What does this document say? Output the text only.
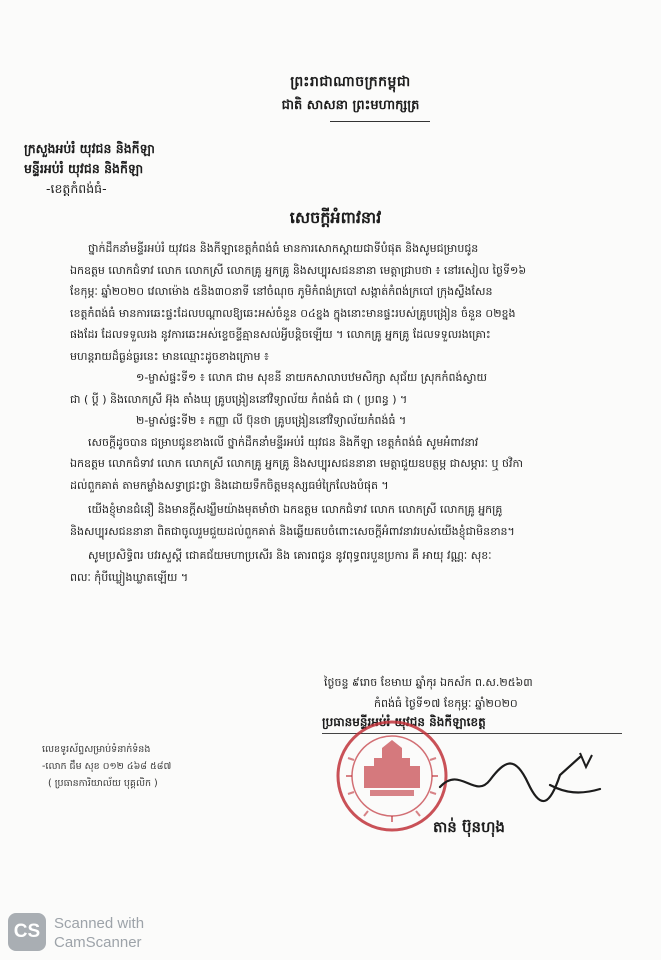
ព្រះរាជាណាចក្រកម្ពុជា
ជាតិ សាសនា ព្រះមហាក្សត្រ
ក្រសួងអប់រំ យុវជន និងកីឡា
មន្ទីរអប់រំ យុវជន និងកីឡា
-ខេត្តកំពង់ធំ-
សេចក្តីអំពាវនាវ

ថ្នាក់ដឹកនាំមន្ទីរអប់រំ យុវជន និងកីឡាខេត្តកំពង់ធំ មានការសោកស្តាយជាទីបំផុត និងសូមជម្រាបជូន

ឯកឧត្តម លោកជំទាវ លោក លោកស្រី លោកគ្រូ អ្នកគ្រូ និងសប្បុរសជននានា មេត្តាជ្រាបថា ៖ នៅរសៀល ថ្ងៃទី១៦

ខែកុម្ភៈ ឆ្នាំ២០២០ វេលាម៉ោង ៥និង៣០នាទី នៅចំណុច ភូមិកំពង់ក្របៅ សង្កាត់កំពង់ក្របៅ ក្រុងស្ទឹងសែន

ខេត្តកំពង់ធំ មានការឆេះផ្ទះដែលបណ្តាលឱ្យឆេះអស់ចំនួន ០៤ខ្នង ក្នុងនោះមានផ្ទះរបស់គ្រូបង្រៀន ចំនួន ០២ខ្នង

ផងដែរ ដែលទទួលរង នូវការឆេះអស់ខ្ទេចខ្ទីគ្មានសល់អ្វីបន្តិចឡើយ ។ លោកគ្រូ អ្នកគ្រូ ដែលទទួលរងគ្រោះ

មហន្តរាយដ៏ធ្ងន់ធ្ងរនេះ មានឈ្មោះដូចខាងក្រោម ៖

១-ម្ចាស់ផ្ទះទី១ ៖ លោក ជាម សុខនី នាយកសាលាបឋមសិក្សា សុជ័យ ស្រុកកំពង់ស្វាយ

ជា ( ប្តី ) និងលោកស្រី អ៊ុង តាំងឃុ គ្រូបង្រៀននៅវិទ្យាល័យ កំពង់ធំ ជា ( ប្រពន្ធ ) ។

២-ម្ចាស់ផ្ទះទី២ ៖ កញ្ញា លី ប៊ុនថា គ្រូបង្រៀននៅវិទ្យាល័យកំពង់ធំ ។

សេចក្តីដូចបាន ជម្រាបជូនខាងលើ ថ្នាក់ដឹកនាំមន្ទីរអប់រំ យុវជន និងកីឡា ខេត្តកំពង់ធំ សូមអំពាវនាវ

ឯកឧត្តម លោកជំទាវ លោក លោកស្រី លោកគ្រូ អ្នកគ្រូ និងសប្បុរសជននានា មេត្តាជួយឧបត្ថម្ភ ជាសម្ភារៈ ឬ ថវិកា

ដល់ពួកគាត់ តាមកម្លាំងសទ្ធាជ្រះថ្លា និងដោយទឹកចិត្តមនុស្សធម៌ក្រៃលែងបំផុត ។

យើងខ្ញុំមានជំនឿ និងមានក្តីសង្ឃឹមយ៉ាងមុតមាំថា ឯកឧត្តម លោកជំទាវ លោក លោកស្រី លោកគ្រូ អ្នកគ្រូ

និងសប្បុរសជននានា ពិតជាចូលរួមជួយដល់ពួកគាត់ និងឆ្លើយតបចំពោះសេចក្តីអំពាវនាវរបស់យើងខ្ញុំជាមិនខាន។

សូមប្រសិទ្ធិពរ បវរសួស្តី ជោគជ័យមហាប្រសើរ និង គោរពជូន នូវពុទ្ធពរបួនប្រការ គឺ អាយុ វណ្ណៈ សុខៈ

ពលៈ កុំបីឃ្លៀងឃ្លាតឡើយ ។

ថ្ងៃចន្ទ ៩រោច ខែមាឃ ឆ្នាំកុរ ឯកស័ក ព.ស.២៥៦៣

កំពង់ធំ ថ្ងៃទី១៧ ខែកុម្ភៈ ឆ្នាំ២០២០

ប្រធានមន្ទីរអប់រំ យុវជន និងកីឡាខេត្ត
តាន់ ប៊ុនហុង

លេខទូរស័ព្ទសម្រាប់ទំនាក់ទំនង

-លោក ជឹម សុខ ០១២ ៤៦៨ ៥៨៧

( ប្រធានការិយាល័យ បុគ្គលិក )

CS Scanned with

CamScanner
